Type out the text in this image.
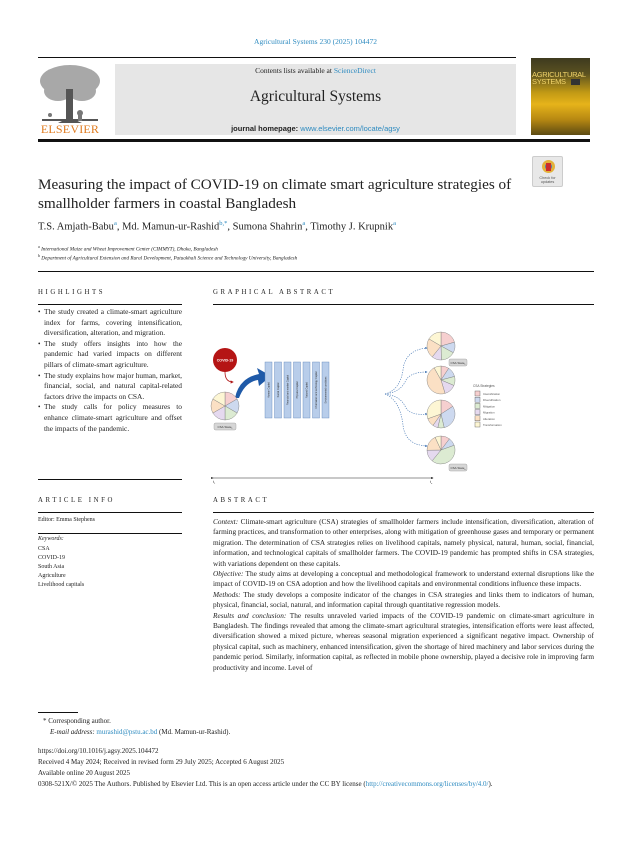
Agricultural Systems 230 (2025) 104472
ELSEVIER
Contents lists available at ScienceDirect
Agricultural Systems
journal homepage: www.elsevier.com/locate/agsy
AGRICULTURAL
SYSTEMS
Check for updates
Measuring the impact of COVID-19 on climate smart agriculture strategies of smallholder farmers in coastal Bangladesh
T.S. Amjath-Babu$^a$, Md. Mamun-ur-Rashid$^{b,*}$, Sumona Shahrin$^a$, Timothy J. Krupnik$^a$
$^a$ International Maize and Wheat Improvement Center (CIMMYT), Dhaka, Bangladesh
$^b$ Department of Agricultural Extension and Rural Development, Patuakhali Science and Technology University, Bangladesh
HIGHLIGHTS
• The study created a climate-smart agriculture index for farms, covering intensification, diversification, alteration, and migration.
• The study offers insights into how the pandemic had varied impacts on different pillars of climate-smart agriculture.
• The study explains how major human, market, financial, social, and natural capital-related factors drive the impacts on CSA.
• The study calls for policy measures to enhance climate-smart agriculture and offset the impacts of the pandemic.
GRAPHICAL ABSTRACT
COVID-19
CSA State$_1$
Human Capital	Social Capital	Financial and market Capital	Physical Capital	Natural Capital	Information and technology Capital	Environmental conditions
CSA State$_1$
CSA State$_n$
CSA Strategies
Intensification
Diversification
Mitigation
Migration
Alteration
Transformation
$t_1$	$t_n$
ARTICLE INFO
Editor: Emma Stephens
Keywords:
CSA
COVID-19
South Asia
Agriculture
Livelihood capitals
ABSTRACT

Context: Climate-smart agriculture (CSA) strategies of smallholder farmers include intensification, diversification, alteration of farming practices, and transformation to other enterprises, along with mitigation of greenhouse gases and temporary or permanent migration. The determination of CSA strategies relies on livelihood capitals, namely physical, natural, human, social, financial, information, and technological capitals of smallholder farmers. The COVID-19 pandemic has prompted shifts in CSA strategies, with variations dependent on these capitals.

Objective: The study aims at developing a conceptual and methodological framework to understand external disruptions like the impact of COVID-19 on CSA adoption and how the livelihood capitals and environmental conditions influence these impacts.

Methods: The study develops a composite indicator of the changes in CSA strategies and links them to indicators of human, physical, financial, social, natural, and information capital through quantitative regression models.

Results and conclusion: The results unraveled varied impacts of the COVID-19 pandemic on climate-smart agriculture in Bangladesh. The findings revealed that among the climate-smart agricultural strategies, intensification efforts were least affected, diversification showed a mixed picture, whereas seasonal migration experienced a significant negative impact. Ownership of physical capital, such as machinery, enhanced intensification, given the shortage of hired machinery and labor services during the pandemic period. Similarly, information capital, as reflected in mobile phone ownership, played a decisive role in improving farm productivity and income. Level of

* Corresponding author.
E-mail address: murashid@pstu.ac.bd (Md. Mamun-ur-Rashid).
https://doi.org/10.1016/j.agsy.2025.104472
Received 4 May 2024; Received in revised form 29 July 2025; Accepted 6 August 2025
Available online 20 August 2025
0308-521X/© 2025 The Authors. Published by Elsevier Ltd. This is an open access article under the CC BY license (http://creativecommons.org/licenses/by/4.0/).
